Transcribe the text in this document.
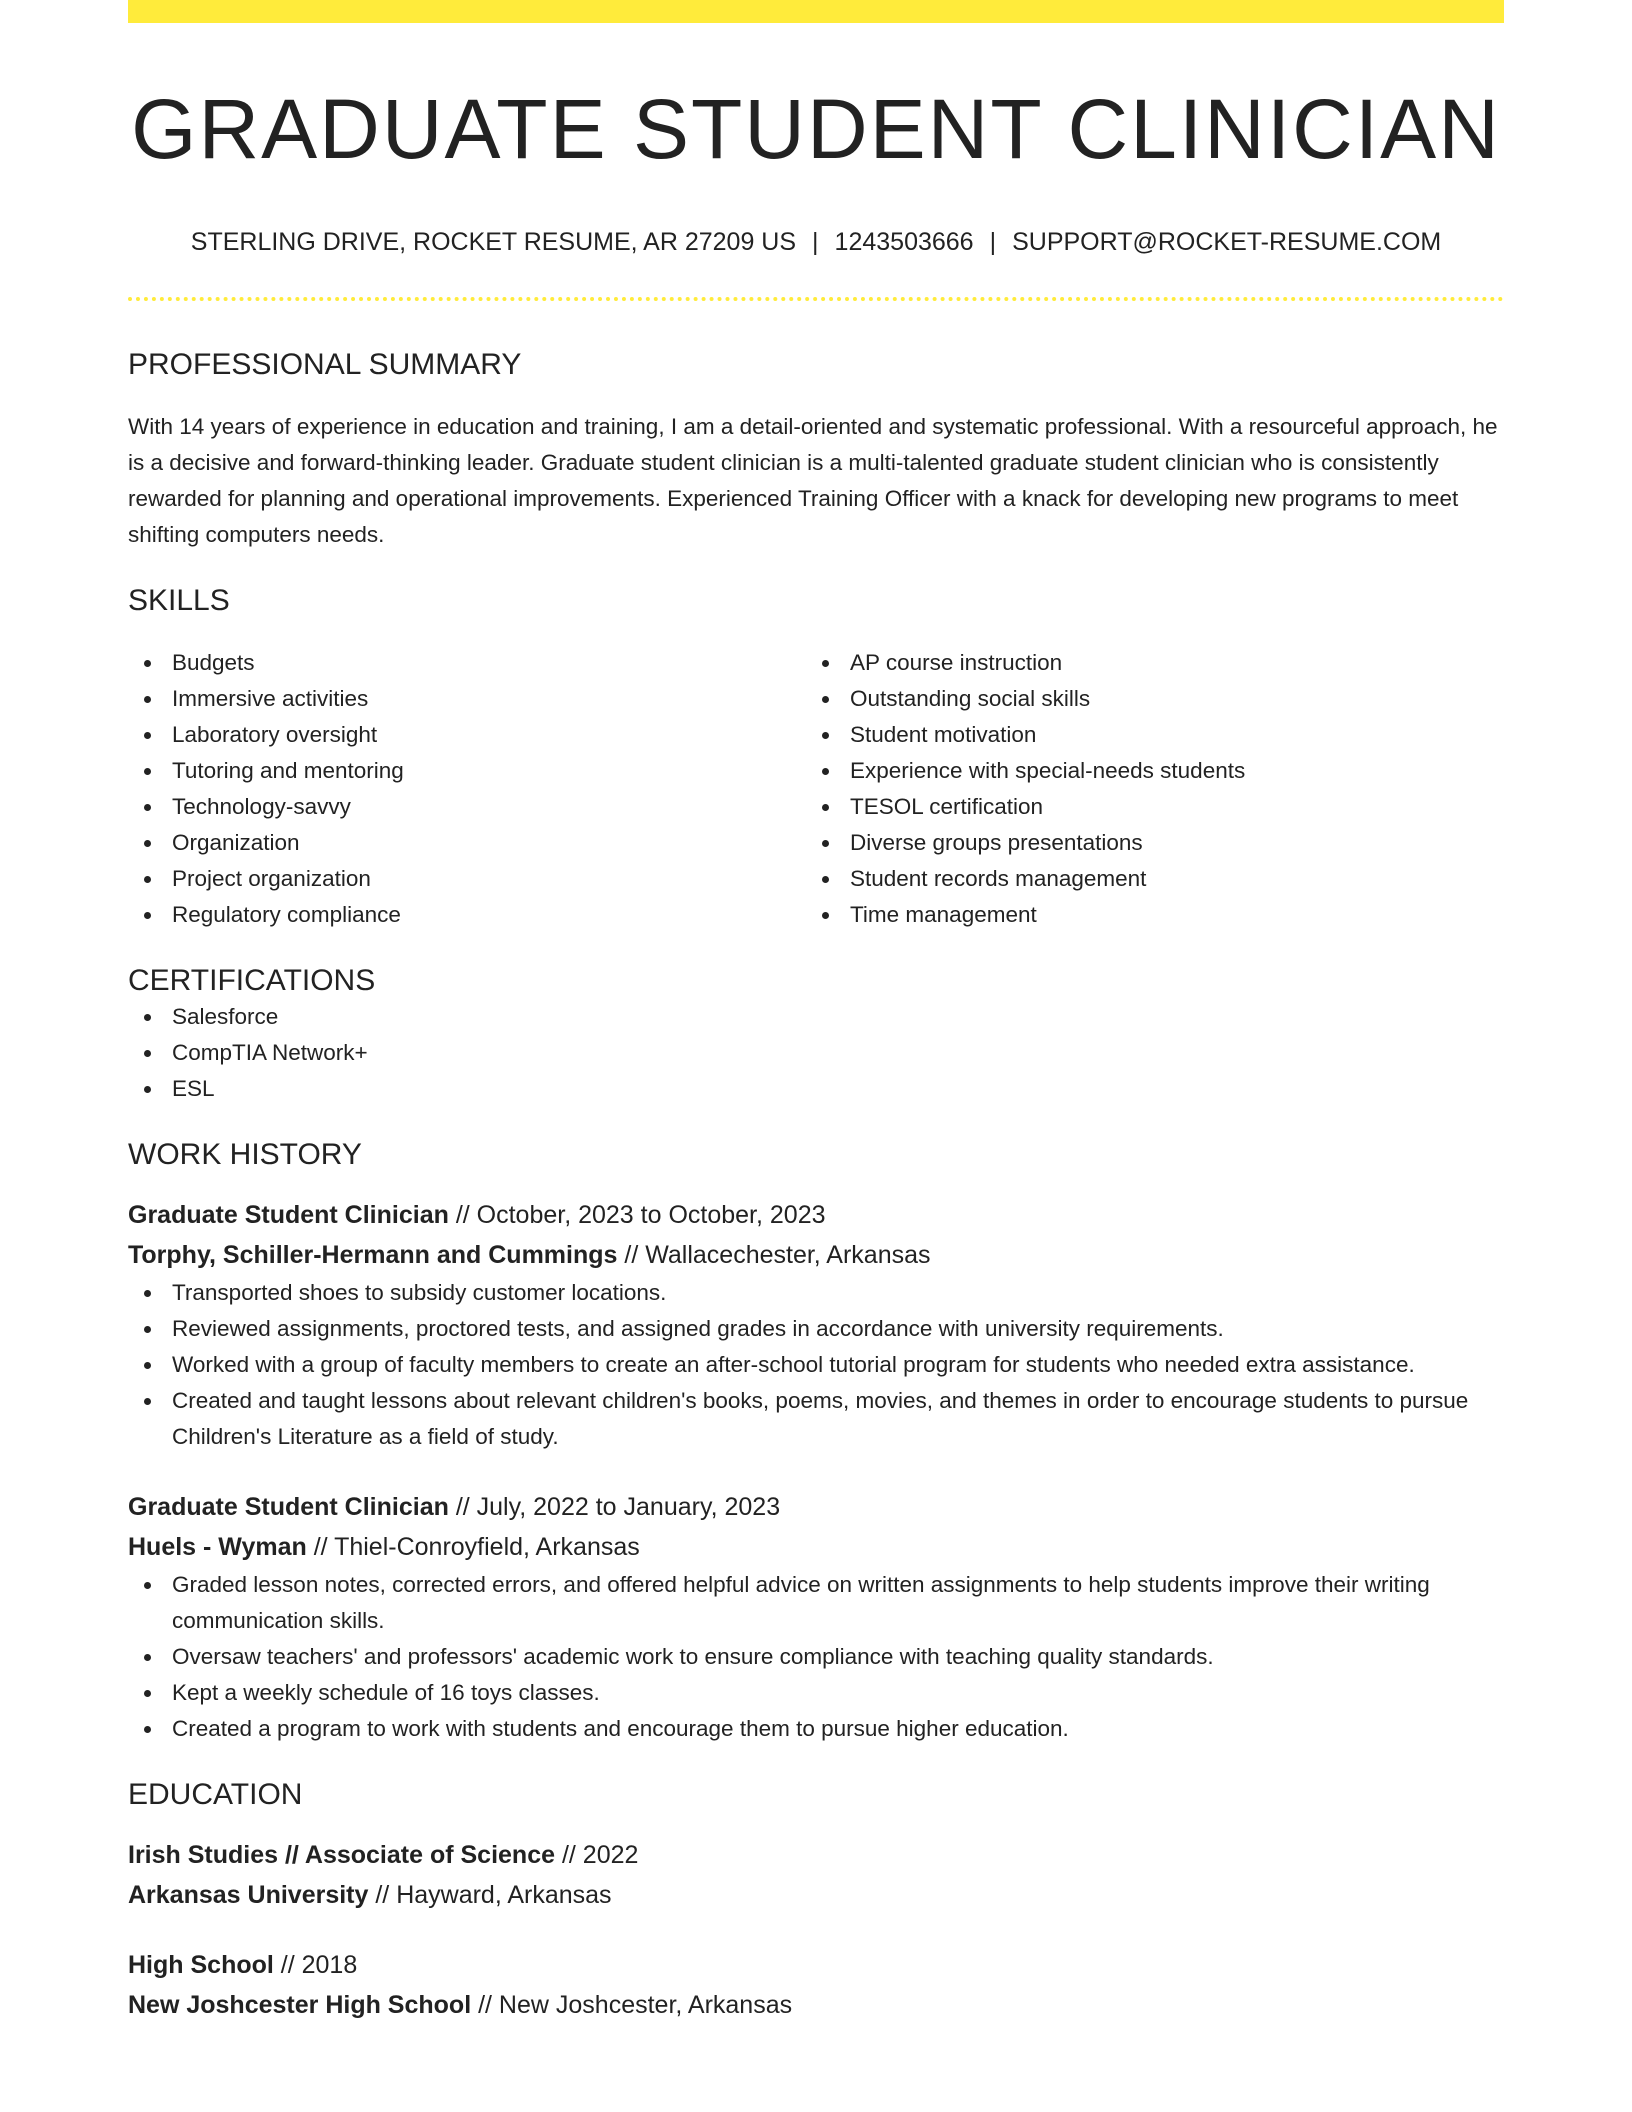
GRADUATE STUDENT CLINICIAN
STERLING DRIVE, ROCKET RESUME, AR 27209 US | 1243503666 | SUPPORT@ROCKET-RESUME.COM
PROFESSIONAL SUMMARY
With 14 years of experience in education and training, I am a detail-oriented and systematic professional. With a resourceful approach, he is a decisive and forward-thinking leader. Graduate student clinician is a multi-talented graduate student clinician who is consistently rewarded for planning and operational improvements. Experienced Training Officer with a knack for developing new programs to meet shifting computers needs.
SKILLS
Budgets
Immersive activities
Laboratory oversight
Tutoring and mentoring
Technology-savvy
Organization
Project organization
Regulatory compliance
AP course instruction
Outstanding social skills
Student motivation
Experience with special-needs students
TESOL certification
Diverse groups presentations
Student records management
Time management
CERTIFICATIONS
Salesforce
CompTIA Network+
ESL
WORK HISTORY
Graduate Student Clinician // October, 2023 to October, 2023
Torphy, Schiller-Hermann and Cummings // Wallacechester, Arkansas
Transported shoes to subsidy customer locations.
Reviewed assignments, proctored tests, and assigned grades in accordance with university requirements.
Worked with a group of faculty members to create an after-school tutorial program for students who needed extra assistance.
Created and taught lessons about relevant children's books, poems, movies, and themes in order to encourage students to pursue Children's Literature as a field of study.
Graduate Student Clinician // July, 2022 to January, 2023
Huels - Wyman // Thiel-Conroyfield, Arkansas
Graded lesson notes, corrected errors, and offered helpful advice on written assignments to help students improve their writing communication skills.
Oversaw teachers' and professors' academic work to ensure compliance with teaching quality standards.
Kept a weekly schedule of 16 toys classes.
Created a program to work with students and encourage them to pursue higher education.
EDUCATION
Irish Studies // Associate of Science // 2022
Arkansas University // Hayward, Arkansas
High School // 2018
New Joshcester High School // New Joshcester, Arkansas
